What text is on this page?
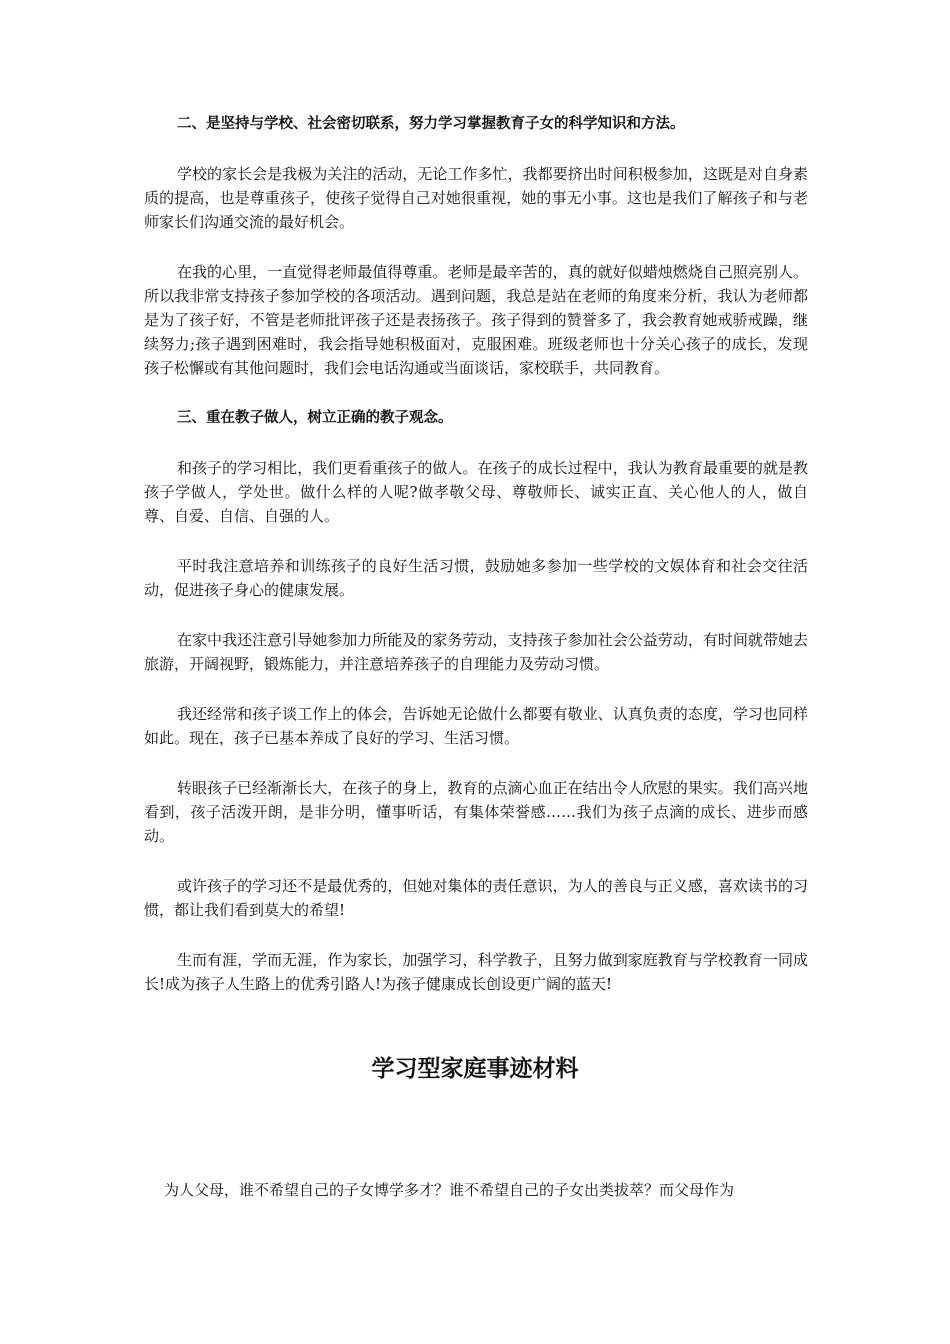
二、是坚持与学校、社会密切联系，努力学习掌握教育子女的科学知识和方法。

学校的家长会是我极为关注的活动，无论工作多忙，我都要挤出时间积极参加，这既是对自身素质的提高，也是尊重孩子，使孩子觉得自己对她很重视，她的事无小事。这也是我们了解孩子和与老师家长们沟通交流的最好机会。

在我的心里，一直觉得老师最值得尊重。老师是最辛苦的，真的就好似蜡烛燃烧自己照亮别人。所以我非常支持孩子参加学校的各项活动。遇到问题，我总是站在老师的角度来分析，我认为老师都是为了孩子好，不管是老师批评孩子还是表扬孩子。孩子得到的赞誉多了，我会教育她戒骄戒躁，继续努力;孩子遇到困难时，我会指导她积极面对，克服困难。班级老师也十分关心孩子的成长，发现孩子松懈或有其他问题时，我们会电话沟通或当面谈话，家校联手，共同教育。

三、重在教子做人，树立正确的教子观念。

和孩子的学习相比，我们更看重孩子的做人。在孩子的成长过程中，我认为教育最重要的就是教孩子学做人，学处世。做什么样的人呢?做孝敬父母、尊敬师长、诚实正直、关心他人的人，做自尊、自爱、自信、自强的人。

平时我注意培养和训练孩子的良好生活习惯，鼓励她多参加一些学校的文娱体育和社会交往活动，促进孩子身心的健康发展。

在家中我还注意引导她参加力所能及的家务劳动，支持孩子参加社会公益劳动，有时间就带她去旅游，开阔视野，锻炼能力，并注意培养孩子的自理能力及劳动习惯。

我还经常和孩子谈工作上的体会，告诉她无论做什么都要有敬业、认真负责的态度，学习也同样如此。现在，孩子已基本养成了良好的学习、生活习惯。

转眼孩子已经渐渐长大，在孩子的身上，教育的点滴心血正在结出令人欣慰的果实。我们高兴地看到，孩子活泼开朗，是非分明，懂事听话，有集体荣誉感……我们为孩子点滴的成长、进步而感动。

或许孩子的学习还不是最优秀的，但她对集体的责任意识，为人的善良与正义感，喜欢读书的习惯，都让我们看到莫大的希望!

生而有涯，学而无涯，作为家长，加强学习，科学教子，且努力做到家庭教育与学校教育一同成长!成为孩子人生路上的优秀引路人!为孩子健康成长创设更广阔的蓝天!

学习型家庭事迹材料

为人父母，谁不希望自己的子女博学多才？谁不希望自己的子女出类拔萃？而父母作为
